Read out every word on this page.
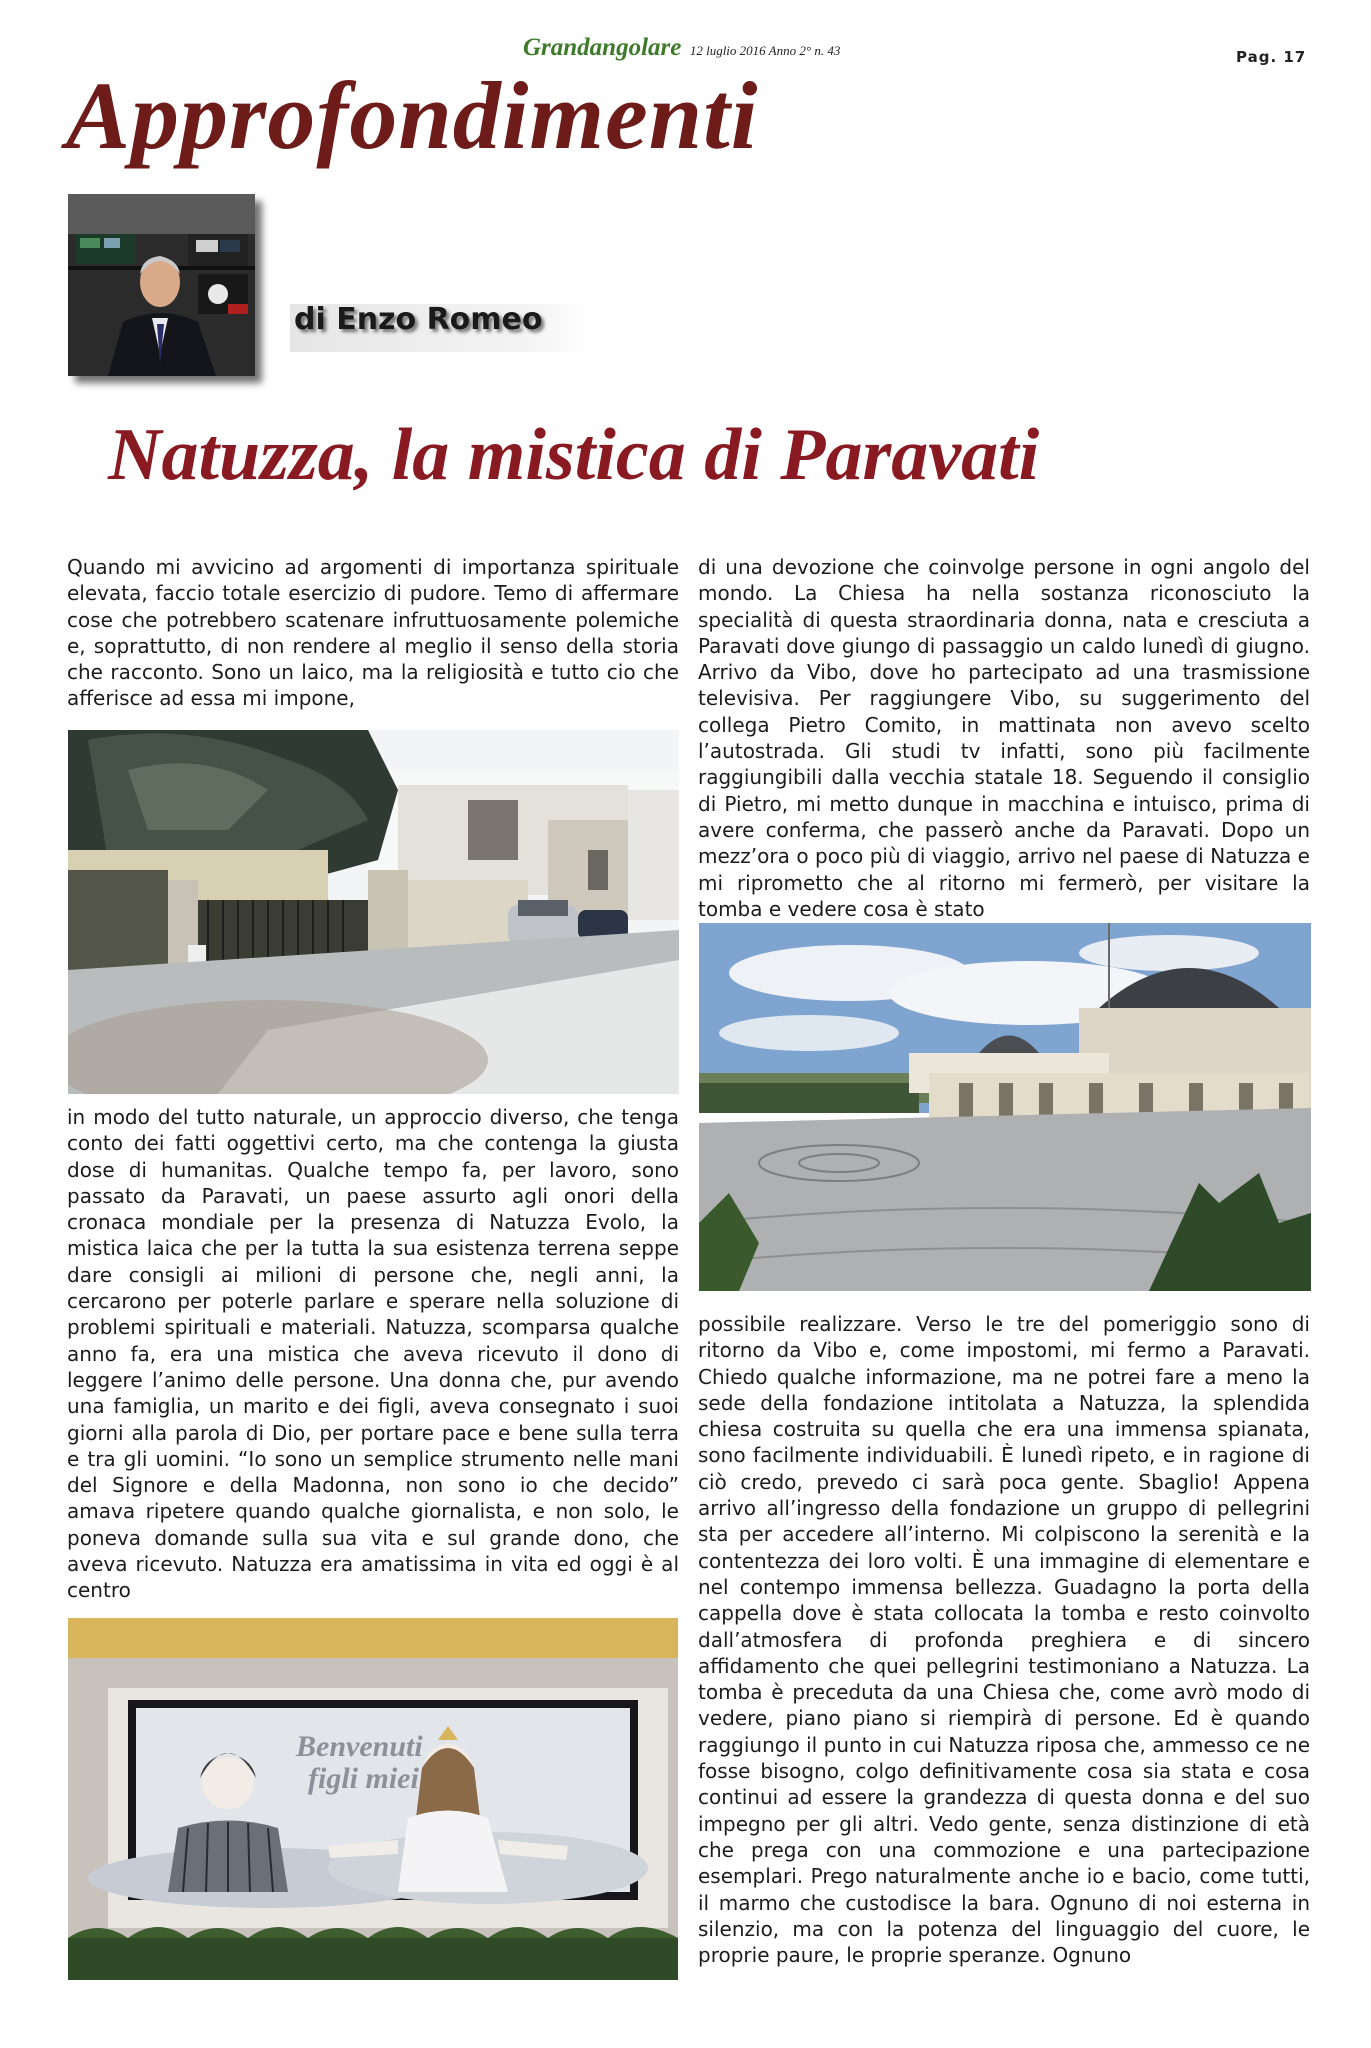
Grandangolare 12 luglio 2016 Anno 2° n. 43	Pag. 17
Approfondimenti
di Enzo Romeo
Natuzza, la mistica di Paravati

Quando mi avvicino ad argomenti di importanza spirituale elevata, faccio totale esercizio di pudore. Temo di affermare cose che potrebbero scatenare infruttuosamente polemiche e, soprattutto, di non rendere al meglio il senso della storia che racconto. Sono un laico, ma la religiosità e tutto cio che afferisce ad essa mi impone,

in modo del tutto naturale, un approccio diverso, che tenga conto dei fatti oggettivi certo, ma che contenga la giusta dose di humanitas. Qualche tempo fa, per lavoro, sono passato da Paravati, un paese assurto agli onori della cronaca mondiale per la presenza di Natuzza Evolo, la mistica laica che per la tutta la sua esistenza terrena seppe dare consigli ai milioni di persone che, negli anni, la cercarono per poterle parlare e sperare nella soluzione di problemi spirituali e materiali. Natuzza, scomparsa qualche anno fa, era una mistica che aveva ricevuto il dono di leggere l’animo delle persone. Una donna che, pur avendo una famiglia, un marito e dei figli, aveva consegnato i suoi giorni alla parola di Dio, per portare pace e bene sulla terra e tra gli uomini. “Io sono un semplice strumento nelle mani del Signore e della Madonna, non sono io che decido” amava ripetere quando qualche giornalista, e non solo, le poneva domande sulla sua vita e sul grande dono, che aveva ricevuto. Natuzza era amatissima in vita ed oggi è al centro

di una devozione che coinvolge persone in ogni angolo del mondo. La Chiesa ha nella sostanza riconosciuto la specialità di questa straordinaria donna, nata e cresciuta a Paravati dove giungo di passaggio un caldo lunedì di giugno. Arrivo da Vibo, dove ho partecipato ad una trasmissione televisiva. Per raggiungere Vibo, su suggerimento del collega Pietro Comito, in mattinata non avevo scelto l’autostrada. Gli studi tv infatti, sono più facilmente raggiungibili dalla vecchia statale 18. Seguendo il consiglio di Pietro, mi metto dunque in macchina e intuisco, prima di avere conferma, che passerò anche da Paravati. Dopo un mezz’ora o poco più di viaggio, arrivo nel paese di Natuzza e mi riprometto che al ritorno mi fermerò, per visitare la tomba e vedere cosa è stato

possibile realizzare. Verso le tre del pomeriggio sono di ritorno da Vibo e, come impostomi, mi fermo a Paravati. Chiedo qualche informazione, ma ne potrei fare a meno la sede della fondazione intitolata a Natuzza, la splendida chiesa costruita su quella che era una immensa spianata, sono facilmente individuabili. È lunedì ripeto, e in ragione di ciò credo, prevedo ci sarà poca gente. Sbaglio! Appena arrivo all’ingresso della fondazione un gruppo di pellegrini sta per accedere all’interno. Mi colpiscono la serenità e la contentezza dei loro volti. È una immagine di elementare e nel contempo immensa bellezza. Guadagno la porta della cappella dove è stata collocata la tomba e resto coinvolto dall’atmosfera di profonda preghiera e di sincero affidamento che quei pellegrini testimoniano a Natuzza. La tomba è preceduta da una Chiesa che, come avrò modo di vedere, piano piano si riempirà di persone. Ed è quando raggiungo il punto in cui Natuzza riposa che, ammesso ce ne fosse bisogno, colgo definitivamente cosa sia stata e cosa continui ad essere la grandezza di questa donna e del suo impegno per gli altri. Vedo gente, senza distinzione di età che prega con una commozione e una partecipazione esemplari. Prego naturalmente anche io e bacio, come tutti, il marmo che custodisce la bara. Ognuno di noi esterna in silenzio, ma con la potenza del linguaggio del cuore, le proprie paure, le proprie speranze. Ognuno

Benvenuti
figli miei
